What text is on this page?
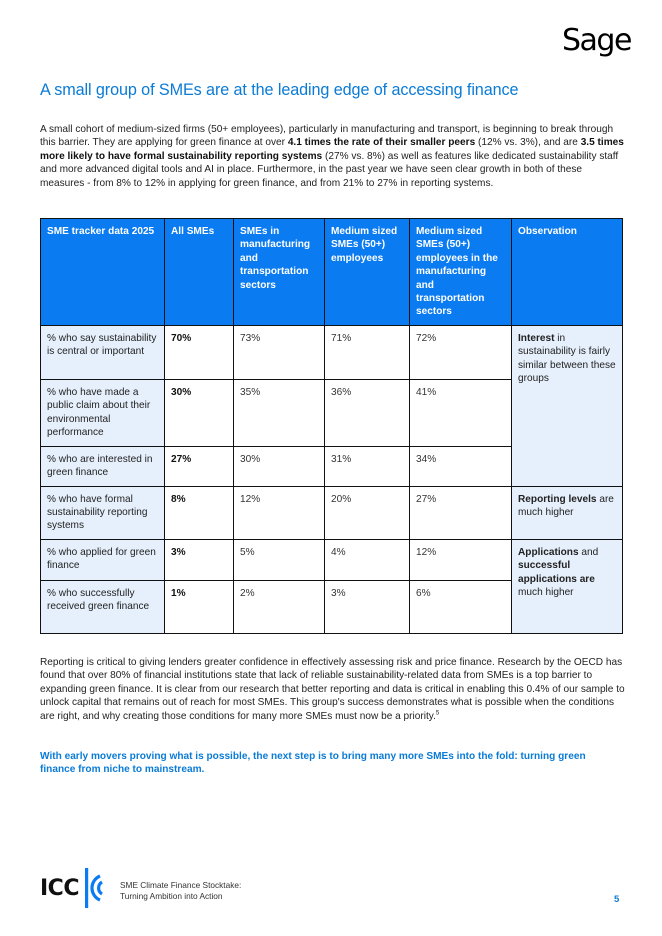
Sage
A small group of SMEs are at the leading edge of accessing finance

A small cohort of medium-sized firms (50+ employees), particularly in manufacturing and transport, is beginning to break through this barrier. They are applying for green finance at over 4.1 times the rate of their smaller peers (12% vs. 3%), and are 3.5 times more likely to have formal sustainability reporting systems (27% vs. 8%) as well as features like dedicated sustainability staff and more advanced digital tools and AI in place. Furthermore, in the past year we have seen clear growth in both of these measures - from 8% to 12% in applying for green finance, and from 21% to 27% in reporting systems.

SME tracker data 2025	All SMEs	SMEs in manufacturing and transportation sectors	Medium sized SMEs (50+) employees	Medium sized SMEs (50+) employees in the manufacturing and transportation sectors	Observation
% who say sustainability is central or important	70%	73%	71%	72%	Interest in sustainability is fairly similar between these groups
% who have made a public claim about their environmental performance	30%	35%	36%	41%	
% who are interested in green finance	27%	30%	31%	34%	
% who have formal sustainability reporting systems	8%	12%	20%	27%	Reporting levels are much higher
% who applied for green finance	3%	5%	4%	12%	Applications and successful applications are much higher
% who successfully received green finance	1%	2%	3%	6%	

Reporting is critical to giving lenders greater confidence in effectively assessing risk and price finance. Research by the OECD has found that over 80% of financial institutions state that lack of reliable sustainability-related data from SMEs is a top barrier to expanding green finance. It is clear from our research that better reporting and data is critical in enabling this 0.4% of our sample to unlock capital that remains out of reach for most SMEs. This group's success demonstrates what is possible when the conditions are right, and why creating those conditions for many more SMEs must now be a priority.$^5$

With early movers proving what is possible, the next step is to bring many more SMEs into the fold: turning green finance from niche to mainstream.

ICC	SME Climate Finance Stocktake:
Turning Ambition into Action	5
